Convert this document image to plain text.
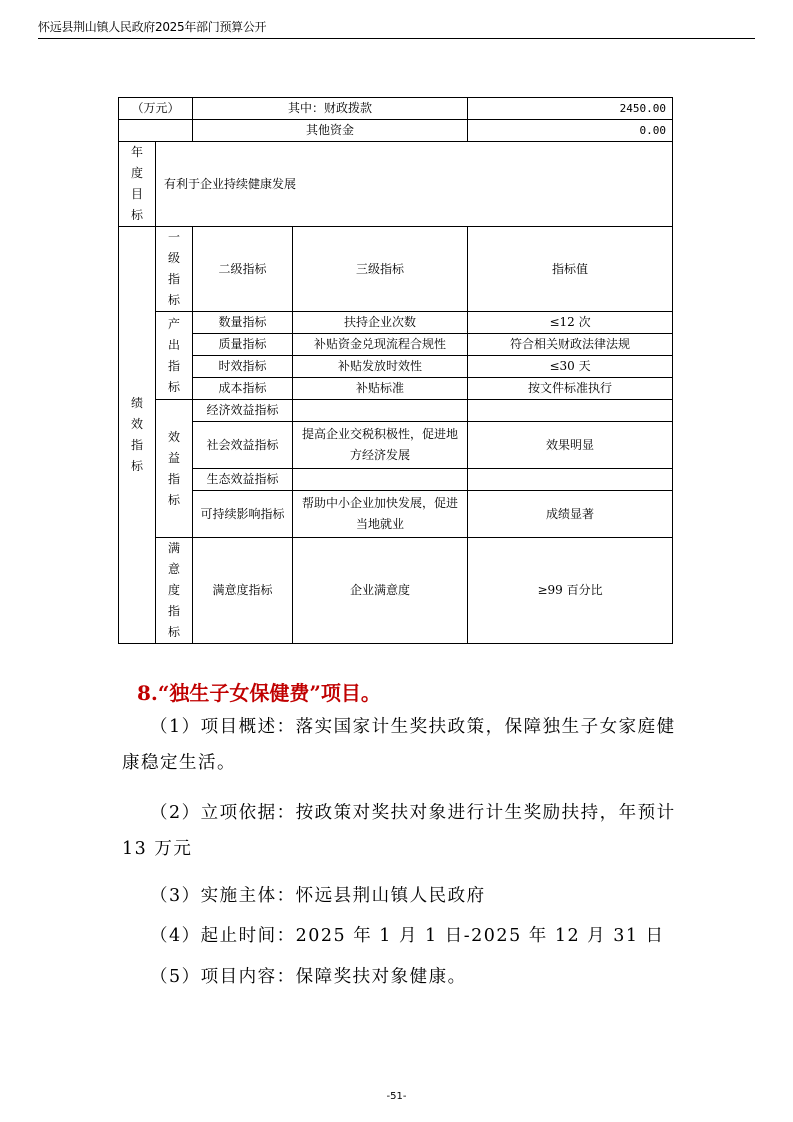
怀远县荆山镇人民政府2025年部门预算公开
（万元）		其中：财政拨款		2450.00
		其他资金		0.00

年度目标	有利于企业持续健康发展			

绩效指标	一级指标	二级指标	三级指标	指标值

	产出指标	数量指标	扶持企业次数	≤12 次
		质量指标	补贴资金兑现流程合规性	符合相关财政法律法规
		时效指标	补贴发放时效性	≤30 天
		成本指标	补贴标准	按文件标准执行

	效益指标	经济效益指标		
		社会效益指标	提高企业交税积极性，促进地方经济发展	效果明显
		生态效益指标		
		可持续影响指标	帮助中小企业加快发展，促进当地就业	成绩显著

	满意度指标	满意度指标	企业满意度	≥99 百分比
8.“独生子女保健费”项目。
（1）项目概述：落实国家计生奖扶政策，保障独生子女家庭健康稳定生活。
（2）立项依据：按政策对奖扶对象进行计生奖励扶持，年预计 13 万元
（3）实施主体：怀远县荆山镇人民政府
（4）起止时间：2025 年 1 月 1 日-2025 年 12 月 31 日
（5）项目内容：保障奖扶对象健康。
-51-
